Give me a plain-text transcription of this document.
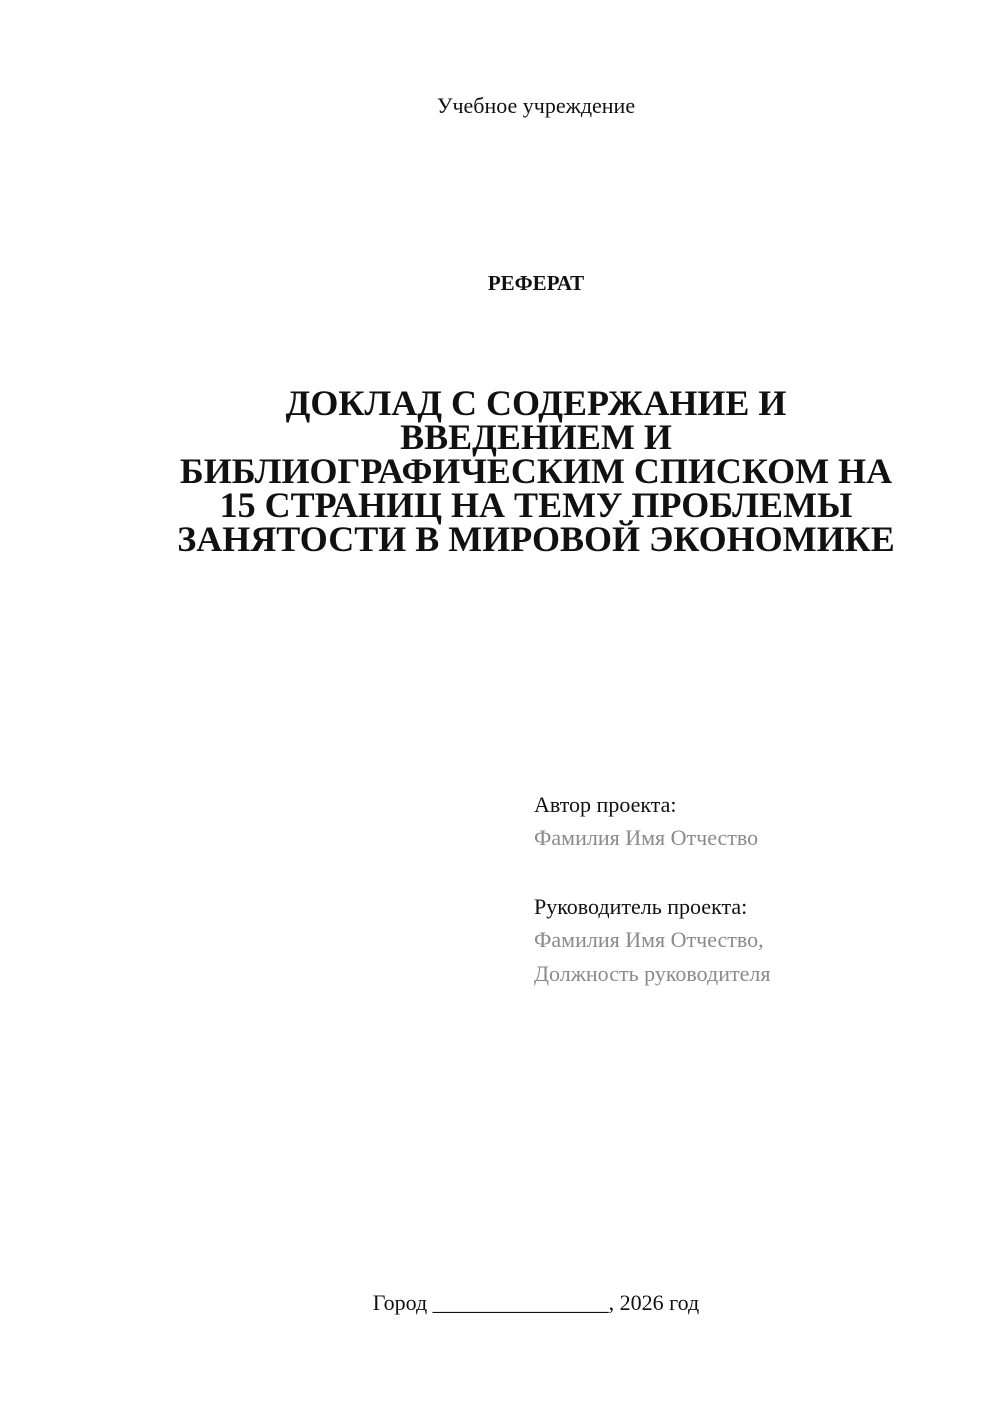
Учебное учреждение
РЕФЕРАТ
ДОКЛАД С СОДЕРЖАНИЕ И
ВВЕДЕНИЕМ И
БИБЛИОГРАФИЧЕСКИМ СПИСКОМ НА
15 СТРАНИЦ НА ТЕМУ ПРОБЛЕМЫ
ЗАНЯТОСТИ В МИРОВОЙ ЭКОНОМИКЕ
Автор проекта:
Фамилия Имя Отчество
Руководитель проекта:
Фамилия Имя Отчество,
Должность руководителя
Город ________________, 2026 год
